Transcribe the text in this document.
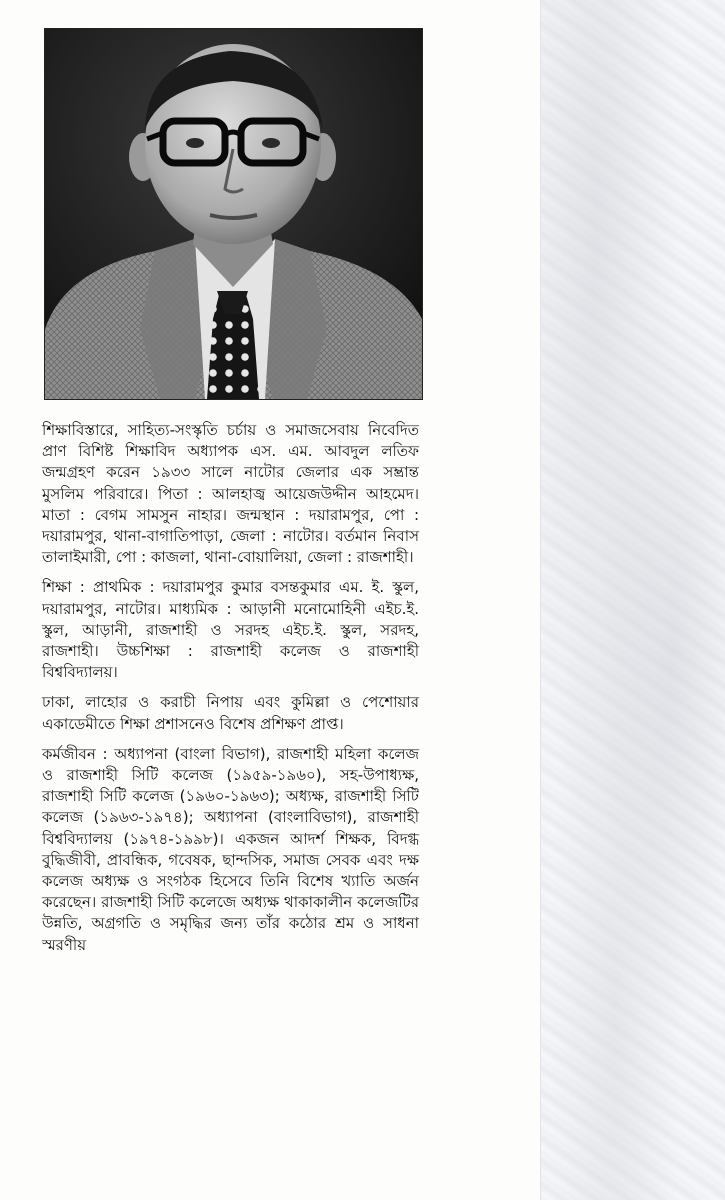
শিক্ষাবিস্তারে, সাহিত্য-সংস্কৃতি চর্চায় ও সমাজসেবায় নিবেদিত প্রাণ বিশিষ্ট শিক্ষাবিদ অধ্যাপক এস. এম. আবদুল লতিফ জন্মগ্রহণ করেন ১৯৩৩ সালে নাটোর জেলার এক সম্ভ্রান্ত মুসলিম পরিবারে। পিতা : আলহাজ্ব আয়েজউদ্দীন আহমেদ। মাতা : বেগম সামসুন নাহার। জন্মস্থান : দয়ারামপুর, পো : দয়ারামপুর, থানা-বাগাতিপাড়া, জেলা : নাটোর। বর্তমান নিবাস তালাইমারী, পো : কাজলা, থানা-বোয়ালিয়া, জেলা : রাজশাহী।

শিক্ষা : প্রাথমিক : দয়ারামপুর কুমার বসন্তকুমার এম. ই. স্কুল, দয়ারামপুর, নাটোর। মাধ্যমিক : আড়ানী মনোমোহিনী এইচ.ই. স্কুল, আড়ানী, রাজশাহী ও সরদহ এইচ.ই. স্কুল, সরদহ, রাজশাহী। উচ্চশিক্ষা : রাজশাহী কলেজ ও রাজশাহী বিশ্ববিদ্যালয়।

ঢাকা, লাহোর ও করাচী নিপায় এবং কুমিল্লা ও পেশোয়ার একাডেমীতে শিক্ষা প্রশাসনেও বিশেষ প্রশিক্ষণ প্রাপ্ত।

কর্মজীবন : অধ্যাপনা (বাংলা বিভাগ), রাজশাহী মহিলা কলেজ ও রাজশাহী সিটি কলেজ (১৯৫৯-১৯৬০), সহ-উপাধ্যক্ষ, রাজশাহী সিটি কলেজ (১৯৬০-১৯৬৩); অধ্যক্ষ, রাজশাহী সিটি কলেজ (১৯৬৩-১৯৭৪); অধ্যাপনা (বাংলাবিভাগ), রাজশাহী বিশ্ববিদ্যালয় (১৯৭৪-১৯৯৮)। একজন আদর্শ শিক্ষক, বিদগ্ধ বুদ্ধিজীবী, প্রাবন্ধিক, গবেষক, ছান্দসিক, সমাজ সেবক এবং দক্ষ কলেজ অধ্যক্ষ ও সংগঠক হিসেবে তিনি বিশেষ খ্যাতি অর্জন করেছেন। রাজশাহী সিটি কলেজে অধ্যক্ষ থাকাকালীন কলেজটির উন্নতি, অগ্রগতি ও সমৃদ্ধির জন্য তাঁর কঠোর শ্রম ও সাধনা স্মরণীয়
